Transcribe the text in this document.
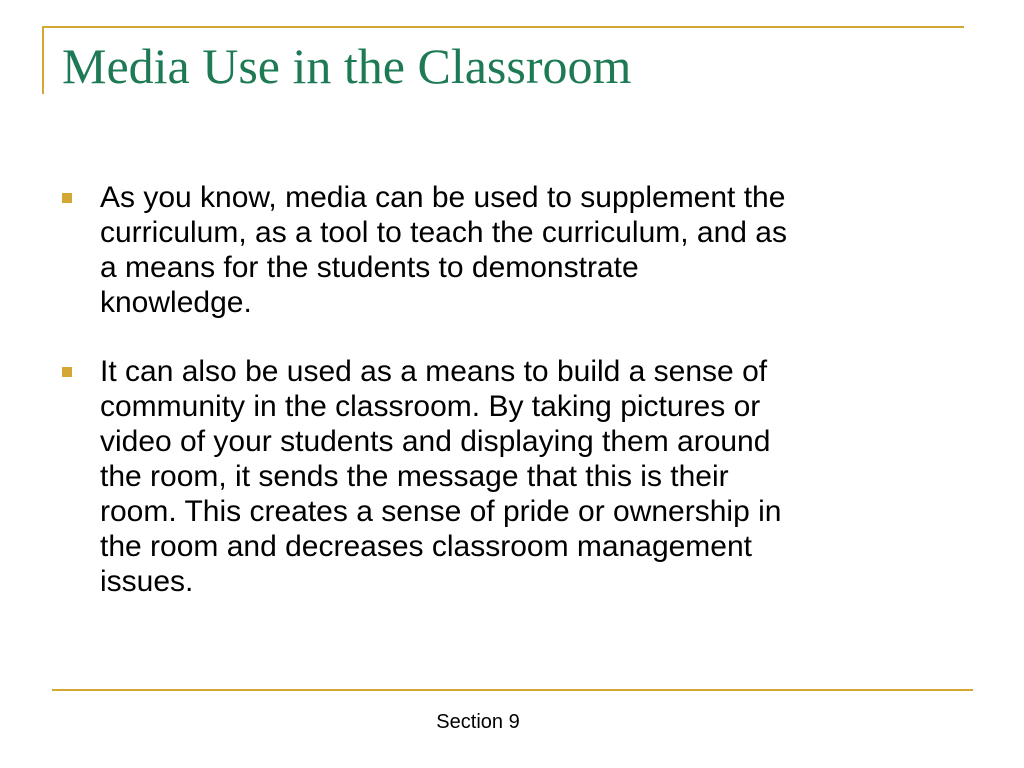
Media Use in the Classroom
As you know, media can be used to supplement the
curriculum, as a tool to teach the curriculum, and as
a means for the students to demonstrate
knowledge.
It can also be used as a means to build a sense of
community in the classroom. By taking pictures or
video of your students and displaying them around
the room, it sends the message that this is their
room. This creates a sense of pride or ownership in
the room and decreases classroom management
issues.
Section 9
